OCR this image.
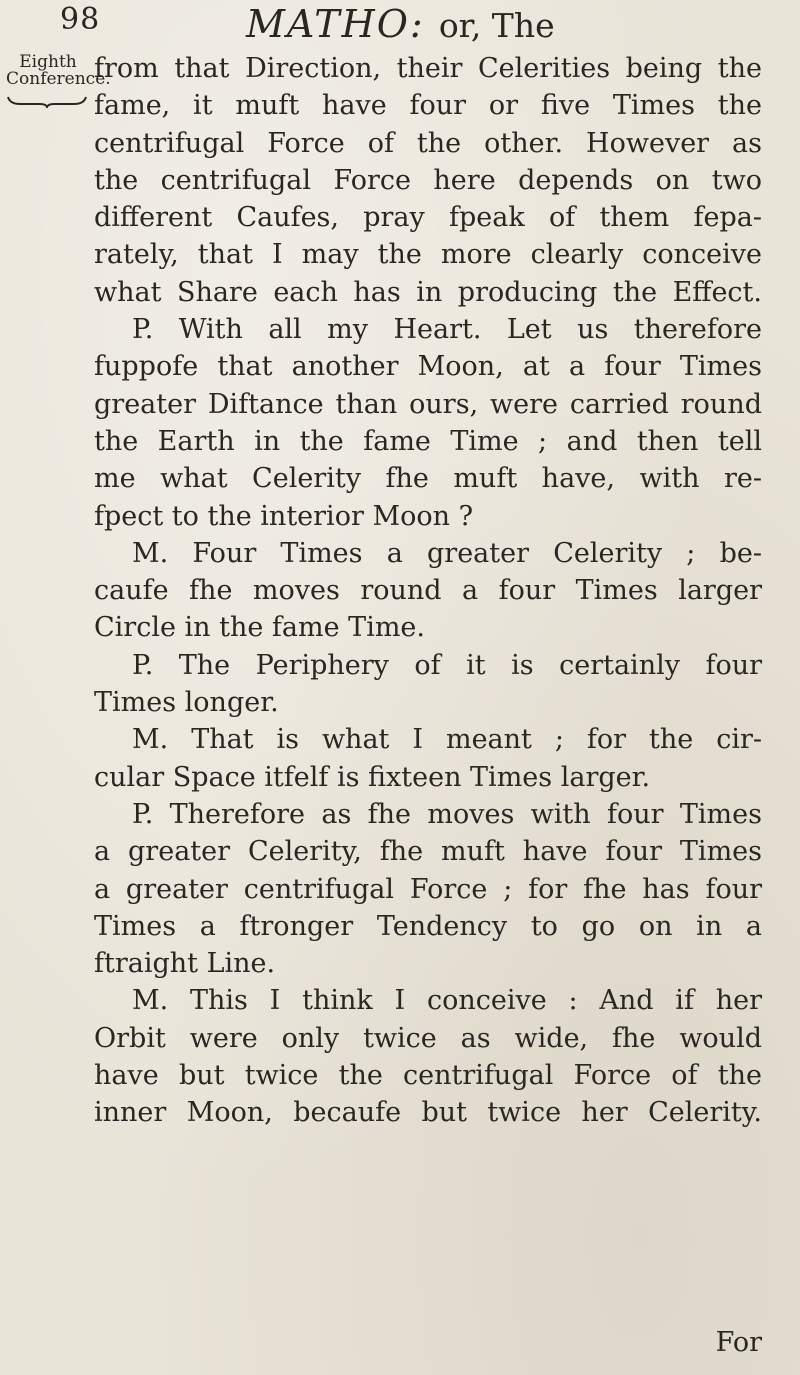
98	MATHO: or, The
Eighth
Conference.
from that Direction, their Celerities being the
fame, it muft have four or five Times the
centrifugal Force of the other. However as
the centrifugal Force here depends on two
different Caufes, pray fpeak of them fepa-
rately, that I may the more clearly conceive
what Share each has in producing the Effect.
P. With all my Heart. Let us therefore
fuppofe that another Moon, at a four Times
greater Diftance than ours, were carried round
the Earth in the fame Time ; and then tell
me what Celerity fhe muft have, with re-
fpect to the interior Moon ?
M. Four Times a greater Celerity ; be-
caufe fhe moves round a four Times larger
Circle in the fame Time.
P. The Periphery of it is certainly four
Times longer.
M. That is what I meant ; for the cir-
cular Space itfelf is fixteen Times larger.
P. Therefore as fhe moves with four Times
a greater Celerity, fhe muft have four Times
a greater centrifugal Force ; for fhe has four
Times a ftronger Tendency to go on in a
ftraight Line.
M. This I think I conceive : And if her
Orbit were only twice as wide, fhe would
have but twice the centrifugal Force of the
inner Moon, becaufe but twice her Celerity.
For
